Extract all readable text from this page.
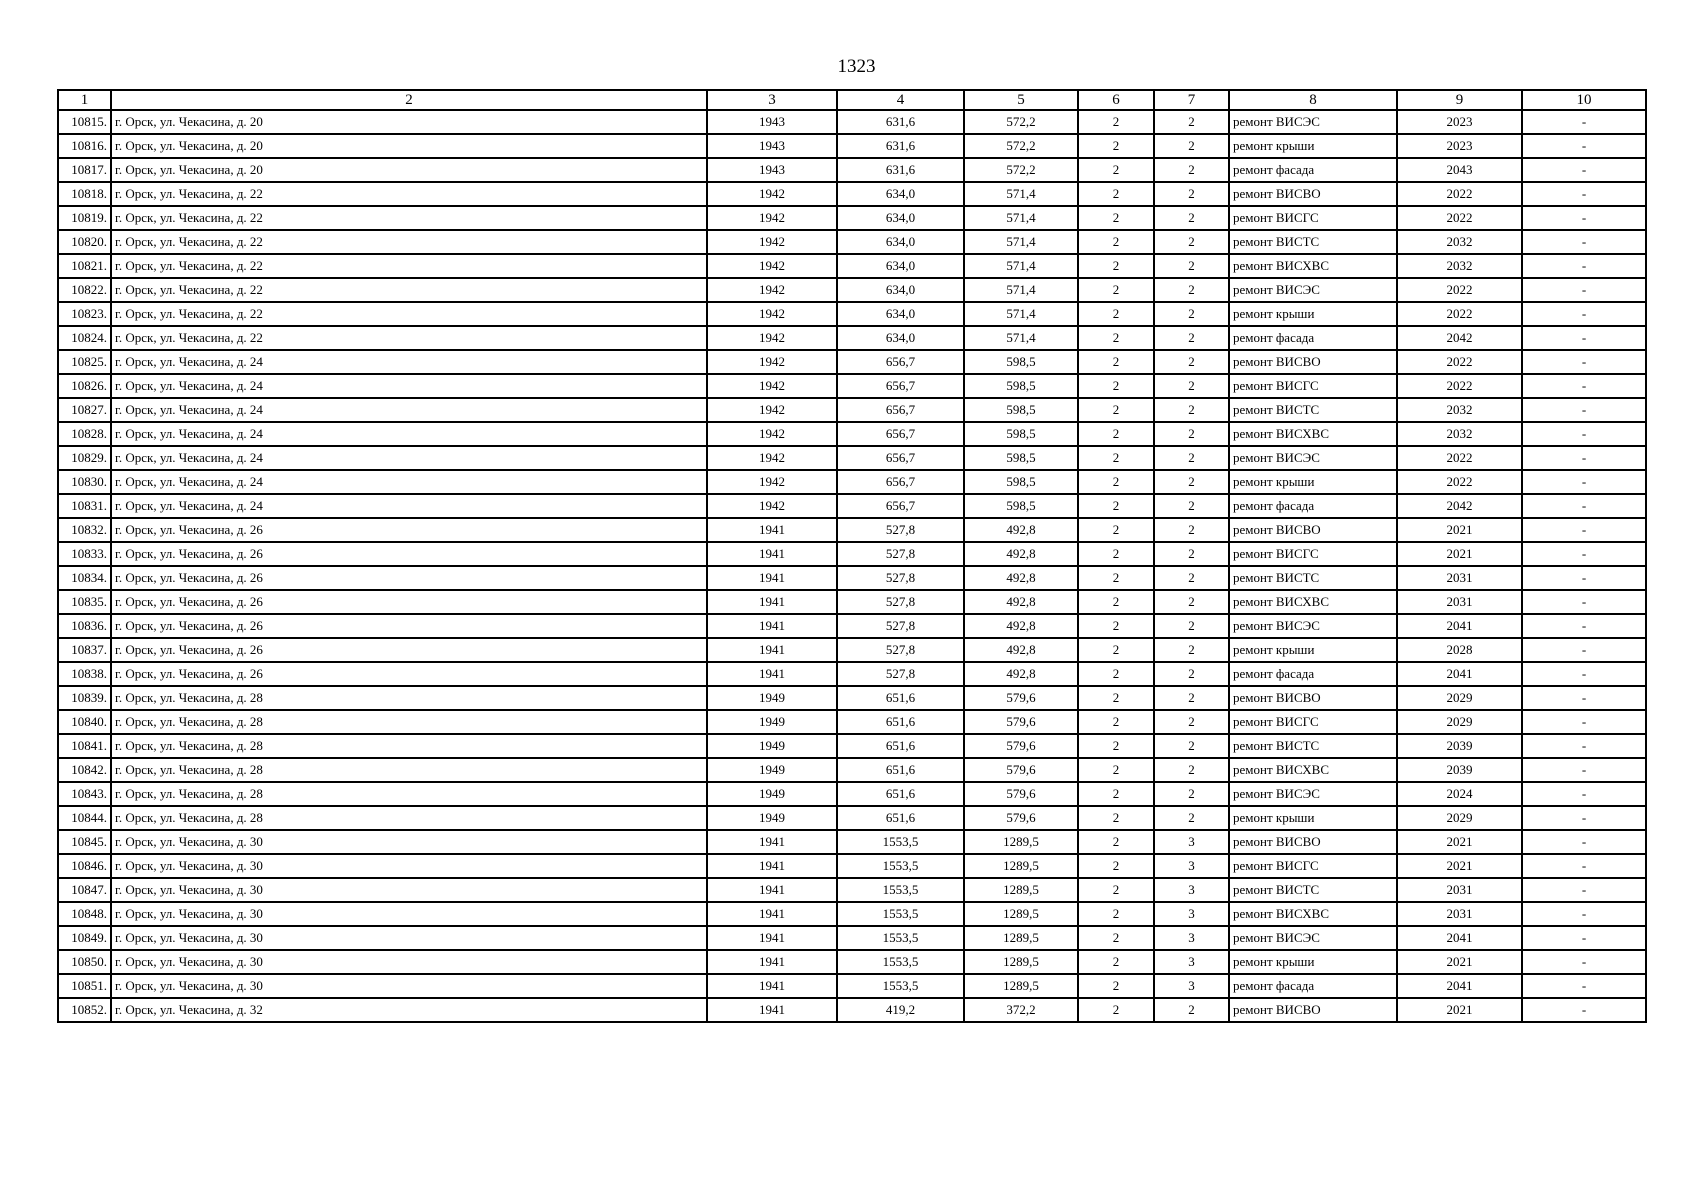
1323
1	2	3	4	5	6	7	8	9	10
10815.	г. Орск, ул. Чекасина, д. 20	1943	631,6	572,2	2	2	ремонт ВИСЭС	2023	-
10816.	г. Орск, ул. Чекасина, д. 20	1943	631,6	572,2	2	2	ремонт крыши	2023	-
10817.	г. Орск, ул. Чекасина, д. 20	1943	631,6	572,2	2	2	ремонт фасада	2043	-
10818.	г. Орск, ул. Чекасина, д. 22	1942	634,0	571,4	2	2	ремонт ВИСВО	2022	-
10819.	г. Орск, ул. Чекасина, д. 22	1942	634,0	571,4	2	2	ремонт ВИСГС	2022	-
10820.	г. Орск, ул. Чекасина, д. 22	1942	634,0	571,4	2	2	ремонт ВИСТС	2032	-
10821.	г. Орск, ул. Чекасина, д. 22	1942	634,0	571,4	2	2	ремонт ВИСХВС	2032	-
10822.	г. Орск, ул. Чекасина, д. 22	1942	634,0	571,4	2	2	ремонт ВИСЭС	2022	-
10823.	г. Орск, ул. Чекасина, д. 22	1942	634,0	571,4	2	2	ремонт крыши	2022	-
10824.	г. Орск, ул. Чекасина, д. 22	1942	634,0	571,4	2	2	ремонт фасада	2042	-
10825.	г. Орск, ул. Чекасина, д. 24	1942	656,7	598,5	2	2	ремонт ВИСВО	2022	-
10826.	г. Орск, ул. Чекасина, д. 24	1942	656,7	598,5	2	2	ремонт ВИСГС	2022	-
10827.	г. Орск, ул. Чекасина, д. 24	1942	656,7	598,5	2	2	ремонт ВИСТС	2032	-
10828.	г. Орск, ул. Чекасина, д. 24	1942	656,7	598,5	2	2	ремонт ВИСХВС	2032	-
10829.	г. Орск, ул. Чекасина, д. 24	1942	656,7	598,5	2	2	ремонт ВИСЭС	2022	-
10830.	г. Орск, ул. Чекасина, д. 24	1942	656,7	598,5	2	2	ремонт крыши	2022	-
10831.	г. Орск, ул. Чекасина, д. 24	1942	656,7	598,5	2	2	ремонт фасада	2042	-
10832.	г. Орск, ул. Чекасина, д. 26	1941	527,8	492,8	2	2	ремонт ВИСВО	2021	-
10833.	г. Орск, ул. Чекасина, д. 26	1941	527,8	492,8	2	2	ремонт ВИСГС	2021	-
10834.	г. Орск, ул. Чекасина, д. 26	1941	527,8	492,8	2	2	ремонт ВИСТС	2031	-
10835.	г. Орск, ул. Чекасина, д. 26	1941	527,8	492,8	2	2	ремонт ВИСХВС	2031	-
10836.	г. Орск, ул. Чекасина, д. 26	1941	527,8	492,8	2	2	ремонт ВИСЭС	2041	-
10837.	г. Орск, ул. Чекасина, д. 26	1941	527,8	492,8	2	2	ремонт крыши	2028	-
10838.	г. Орск, ул. Чекасина, д. 26	1941	527,8	492,8	2	2	ремонт фасада	2041	-
10839.	г. Орск, ул. Чекасина, д. 28	1949	651,6	579,6	2	2	ремонт ВИСВО	2029	-
10840.	г. Орск, ул. Чекасина, д. 28	1949	651,6	579,6	2	2	ремонт ВИСГС	2029	-
10841.	г. Орск, ул. Чекасина, д. 28	1949	651,6	579,6	2	2	ремонт ВИСТС	2039	-
10842.	г. Орск, ул. Чекасина, д. 28	1949	651,6	579,6	2	2	ремонт ВИСХВС	2039	-
10843.	г. Орск, ул. Чекасина, д. 28	1949	651,6	579,6	2	2	ремонт ВИСЭС	2024	-
10844.	г. Орск, ул. Чекасина, д. 28	1949	651,6	579,6	2	2	ремонт крыши	2029	-
10845.	г. Орск, ул. Чекасина, д. 30	1941	1553,5	1289,5	2	3	ремонт ВИСВО	2021	-
10846.	г. Орск, ул. Чекасина, д. 30	1941	1553,5	1289,5	2	3	ремонт ВИСГС	2021	-
10847.	г. Орск, ул. Чекасина, д. 30	1941	1553,5	1289,5	2	3	ремонт ВИСТС	2031	-
10848.	г. Орск, ул. Чекасина, д. 30	1941	1553,5	1289,5	2	3	ремонт ВИСХВС	2031	-
10849.	г. Орск, ул. Чекасина, д. 30	1941	1553,5	1289,5	2	3	ремонт ВИСЭС	2041	-
10850.	г. Орск, ул. Чекасина, д. 30	1941	1553,5	1289,5	2	3	ремонт крыши	2021	-
10851.	г. Орск, ул. Чекасина, д. 30	1941	1553,5	1289,5	2	3	ремонт фасада	2041	-
10852.	г. Орск, ул. Чекасина, д. 32	1941	419,2	372,2	2	2	ремонт ВИСВО	2021	-
